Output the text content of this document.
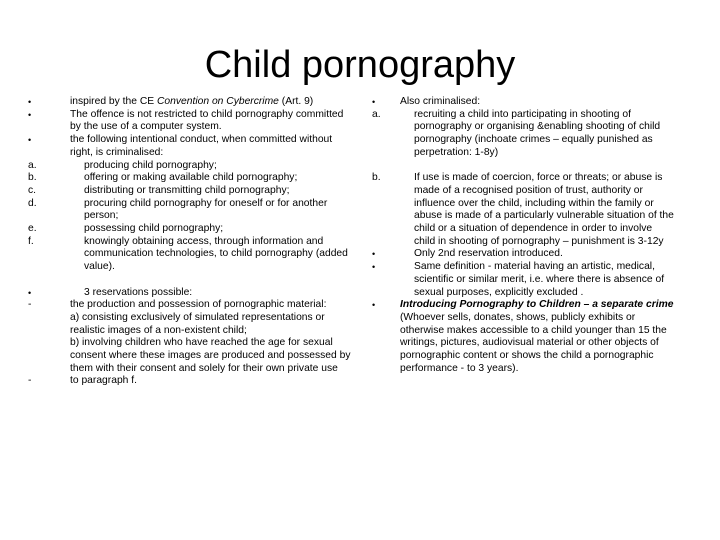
Child pornography
•	inspired by the CE Convention on Cybercrime (Art. 9)
•	The offence is not restricted to child pornography committed by the use of a computer system.
•	the following intentional conduct, when committed without right, is criminalised:
a.	producing child pornography;
b.	offering or making available child pornography;
c.	distributing or transmitting child pornography;
d.	procuring child pornography for oneself or for another person;
e.	possessing child pornography;
f.	knowingly obtaining access, through information and communication technologies, to child pornography (added value).
•	3 reservations possible:
-	the production and possession of pornographic material:
a) consisting exclusively of simulated representations or realistic images of a non-existent child;
b) involving children who have reached the age for sexual consent where these images are produced and possessed by them with their consent and solely for their own private use
-	to paragraph f.
• Also criminalised:
a.	recruiting a child into participating in shooting of pornography or organising &enabling shooting of child pornography (inchoate crimes – equally punished as perpetration: 1-8y)
b.	If use is made of coercion, force or threats; or abuse is made of a recognised position of trust, authority or influence over the child, including within the family or abuse is made of a particularly vulnerable situation of the child or a situation of dependence in order to involve child in shooting of pornography – punishment is 3-12y
•	Only 2nd reservation introduced.
•	Same definition - material having an artistic, medical, scientific or similar merit, i.e. where there is absence of sexual purposes, explicitly excluded .
• Introducing Pornography to Children – a separate crime
(Whoever sells, donates, shows, publicly exhibits or otherwise makes accessible to a child younger than 15 the writings, pictures, audiovisual material or other objects of pornographic content or shows the child a pornographic performance - to 3 years).
